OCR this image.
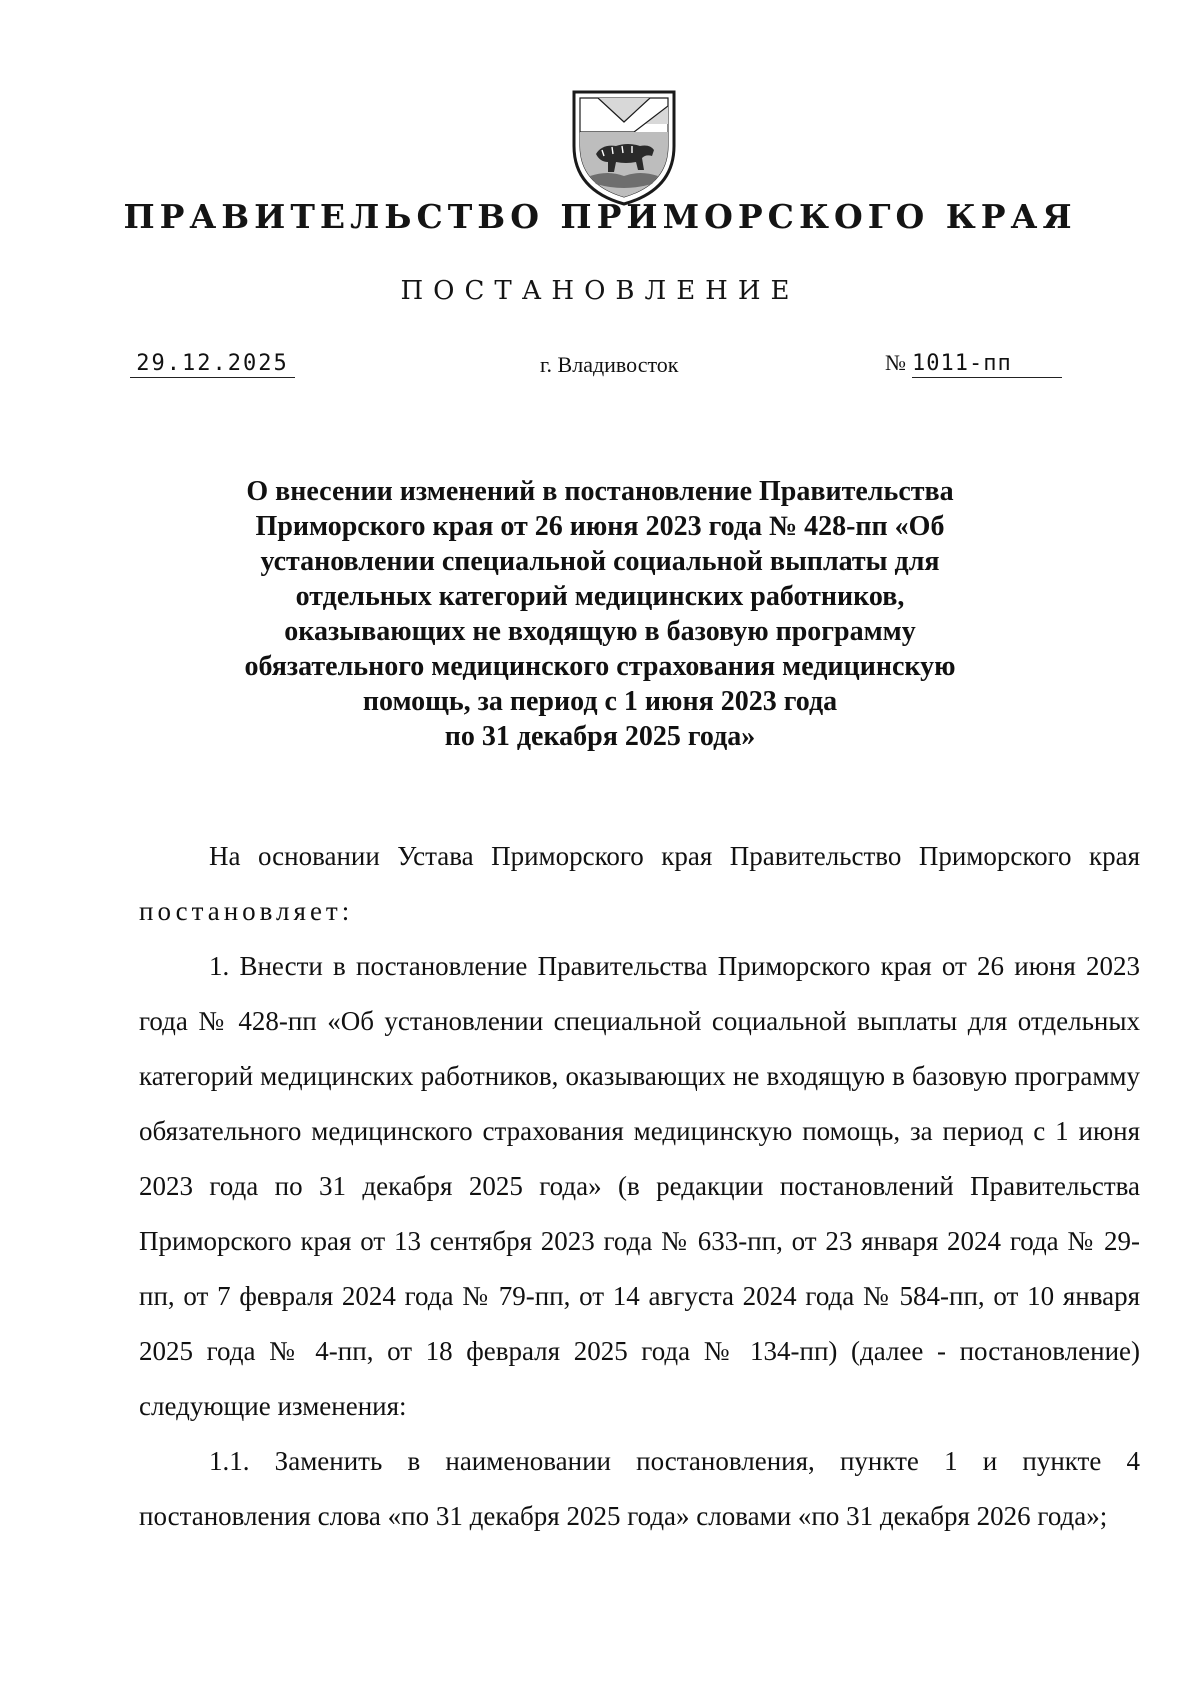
ПРАВИТЕЛЬСТВО ПРИМОРСКОГО КРАЯ
ПОСТАНОВЛЕНИЕ
29.12.2025	г. Владивосток	№ 1011-пп
О внесении изменений в постановление Правительства
Приморского края от 26 июня 2023 года № 428-пп «Об
установлении специальной социальной выплаты для
отдельных категорий медицинских работников,
оказывающих не входящую в базовую программу
обязательного медицинского страхования медицинскую
помощь, за период с 1 июня 2023 года
по 31 декабря 2025 года»

На основании Устава Приморского края Правительство Приморского края постановляет:

1. Внести в постановление Правительства Приморского края от 26 июня 2023 года № 428-пп «Об установлении специальной социальной выплаты для отдельных категорий медицинских работников, оказывающих не входящую в базовую программу обязательного медицинского страхования медицинскую помощь, за период с 1 июня 2023 года по 31 декабря 2025 года» (в редакции постановлений Правительства Приморского края от 13 сентября 2023 года № 633-пп, от 23 января 2024 года № 29-пп, от 7 февраля 2024 года № 79-пп, от 14 августа 2024 года № 584-пп, от 10 января 2025 года № 4-пп, от 18 февраля 2025 года № 134-пп) (далее - постановление) следующие изменения:

1.1. Заменить в наименовании постановления, пункте 1 и пункте 4 постановления слова «по 31 декабря 2025 года» словами «по 31 декабря 2026 года»;
